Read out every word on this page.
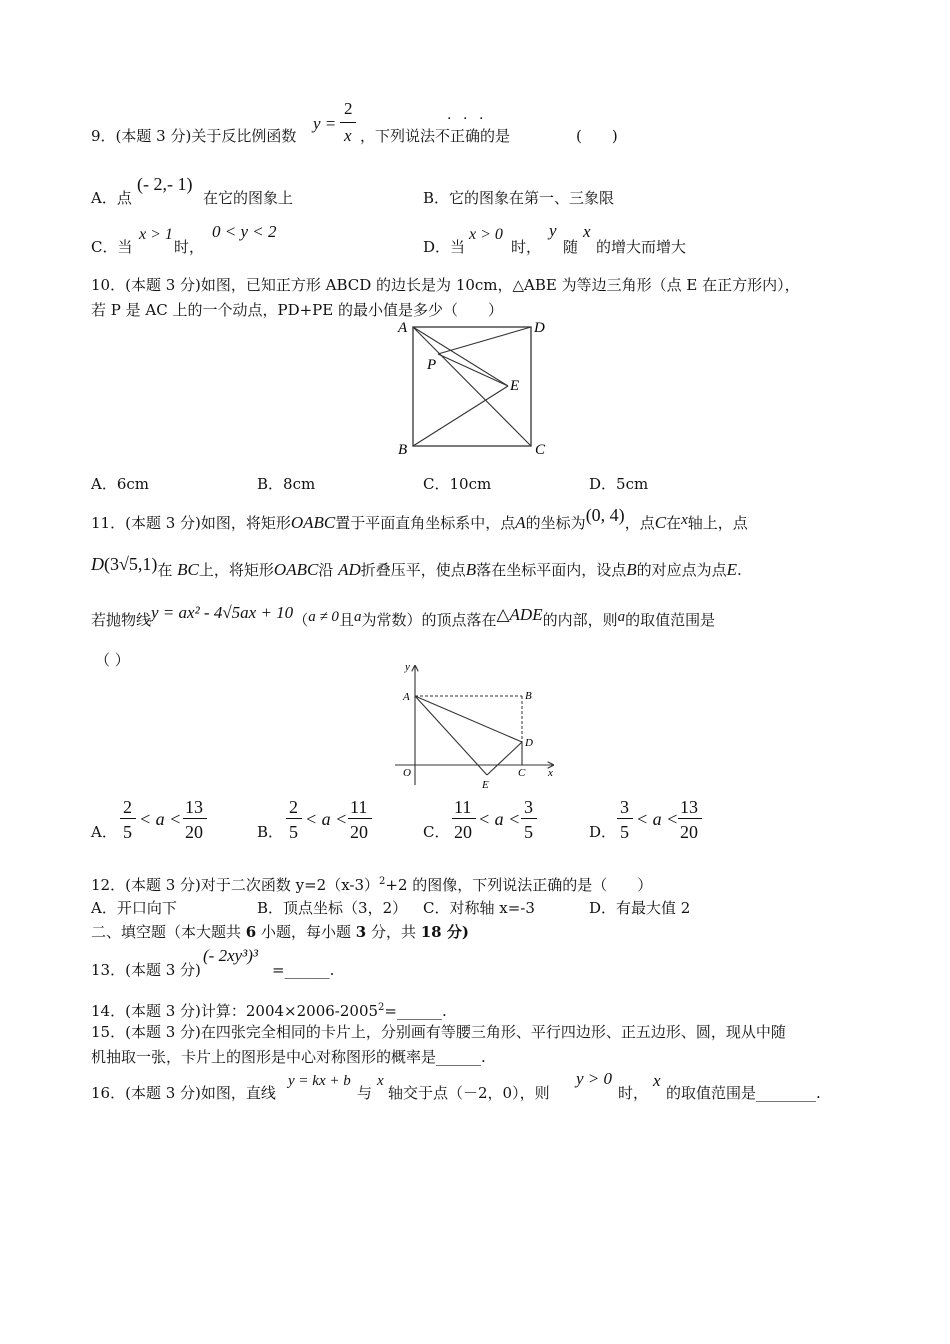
9．(本题 3 分)关于反比例函数
y =
2
x ，下列说法不正确的是
. . .
(　　)
A．点
(- 2,- 1)
在它的图象上	B．它的图象在第一、三象限
C．当
x > 1
时，
0 < y < 2
D．当
x > 0
时，
y
随
x
的增大而增大
10．(本题 3 分)如图，已知正方形 ABCD 的边长是为 10cm，△ABE 为等边三角形（点 E 在正方形内），
若 P 是 AC 上的一个动点，PD+PE 的最小值是多少（　　）
A	D
P
E
B	C
A．6cm	B．8cm	C．10cm	D．5cm
11．(本题 3 分)如图，将矩形OABC置于平面直角坐标系中，点A的坐标为(0, 4)，点C在x轴上，点
D(3√5,1)在 BC上，将矩形OABC沿 AD折叠压平，使点B落在坐标平面内，设点B的对应点为点E.
若抛物线y = ax² - 4√5ax + 10（a ≠ 0且a为常数）的顶点落在△ADE的内部，则a的取值范围是
（ ）	y
x
O
A	B
D
C
E
A．
2
5
< a <
13
20	B．
2
5
< a <
11
20	C．
11
20
< a <
3
5	D．
3
5
< a <
13
20
12．(本题 3 分)对于二次函数 $y=2(x-3)^2+2$ 的图像，下列说法正确的是（　　）
A．开口向下	B．顶点坐标（3，2） C．对称轴 x=-3	D．有最大值 2
二、填空题（本大题共 6 小题，每小题 3 分，共 18 分)
13．(本题 3 分)
(- 2xy³)³
=______.
14．(本题 3 分)计算：$2004\times 2006-2005^2=\_\_\_\_\_\_$.
15．(本题 3 分)在四张完全相同的卡片上，分别画有等腰三角形、平行四边形、正五边形、圆，现从中随
机抽取一张，卡片上的图形是中心对称图形的概率是______.
16．(本题 3 分)如图，直线
y = kx + b
与
x
轴交于点（－2，0），则
y > 0
时，
x
的取值范围是________.
